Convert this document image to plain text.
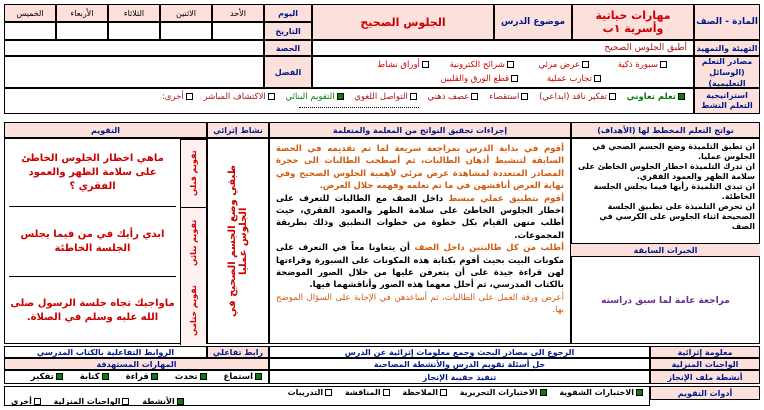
المادة - الصف
مهارات حياتية وأسرية ١ب
موضوع الدرس
الجلوس الصحيح
اليوم
الأحد
الاثنين
الثلاثاء
الأربعاء
الخميس
التاريخ
التهيئة والتمهيد
أطبق الجلوس الصحيح
الحصة
مصادر التعلم (الوسائل التعليمية)
سبورة ذكية عرض مرئي شرائح الكترونية أوراق نشاط
تجارب عملية قطع الورق والقلبين
الفصل
استراتيجية التعلم النشط
تعلم تعاوني تفكير ناقد (ابداعي) استقصاء عصف ذهني التواصل اللغوي التقويم البنائي الاكتشاف المباشر أخرى:
نواتج التعلم المخطط لها (الأهداف)
إجراءات تحقيق النواتج من المعلمة والمتعلمة
نشاط إثرائي
التقويم
ان تطبق التلميذة وضع الجسم الصحي في الجلوس عمليا.
ان تدرك التلميذة اخطار الجلوس الخاطئ على سلامة الظهر والعمود الفقري.
ان تبدي التلميذة رأيها فيما يجلس الجلسة الخاطئة.
ان تحرص التلميذة على تطبيق الجلسة الصحيحة اثناء الجلوس على الكرسي في الصف
الخبرات السابقة
مراجعة عامة لما سبق دراسته
أقوم في بداية الدرس بمراجعة سريعة لما تم تقديمه في الحصة السابقة لتنشيط أذهان الطالبات، ثم أصطحب الطالبات الى حجرة المصادر المتعددة لمشاهدة عرض مرئي لأهمية الجلوس الصحيح وفي نهاية العرض أناقشهن في ما تم تعلمه وفهمه خلال العرض.
أقوم بتطبيق عملي مبسط داخل الصف مع الطالبات للتعرف على اخطار الجلوس الخاطئ على سلامة الظهر والعمود الفقري، حيث أطلب منهن القيام بكل خطوة من خطوات التطبيق وذلك بطريقة المجموعات.
أطلب من كل طالبتين داخل الصف أن يتعاونا معاً في التعرف على مكونات البيت بحيث أقوم بكتابة هذه المكونات على السبورة وقراءتها لهن قراءة جيدة على أن يتعرفن عليها من خلال الصور الموضحة بالكتاب المدرسي، ثم أحلل معهما هذه الصور وأناقشهما فيها.
أعرض ورقة العمل على الطالبات، ثم أساعدهن في الإجابة على السؤال الموضح بها.
طبقي وضع الجسم الصحيح في الجلوس عمليا
تقويم قبلي
تقويم بنائي
تقويم ختامي
ماهي اخطار الجلوس الخاطئ على سلامة الظهر والعمود الفقري ؟
ابدي رأيك في من فيما يجلس الجلسة الخاطئة
ماواجبك تجاه جلسة الرسول صلى الله عليه وسلم في الصلاة.
معلومة إثرائية
الرجوع الى مصادر البحث وجمع معلومات إثرائية عن الدرس
رابط تفاعلي
الروابط التفاعلية بالكتاب المدرسي
الواجبات المنزلية
حل أسئلة تقويم الدرس والأنشطة المصاحبة
المهارات المستهدفة
أنشطة ملف الإنجاز
تنفيذ حقيبة الإنجاز
استماع تحدث قراءة كتابة تفكير
أدوات التقويم
الاختبارات الشفوية الاختبارات التحريرية الملاحظة المناقشة التدريبات
الأنشطة الواجبات المنزلية أخرى
